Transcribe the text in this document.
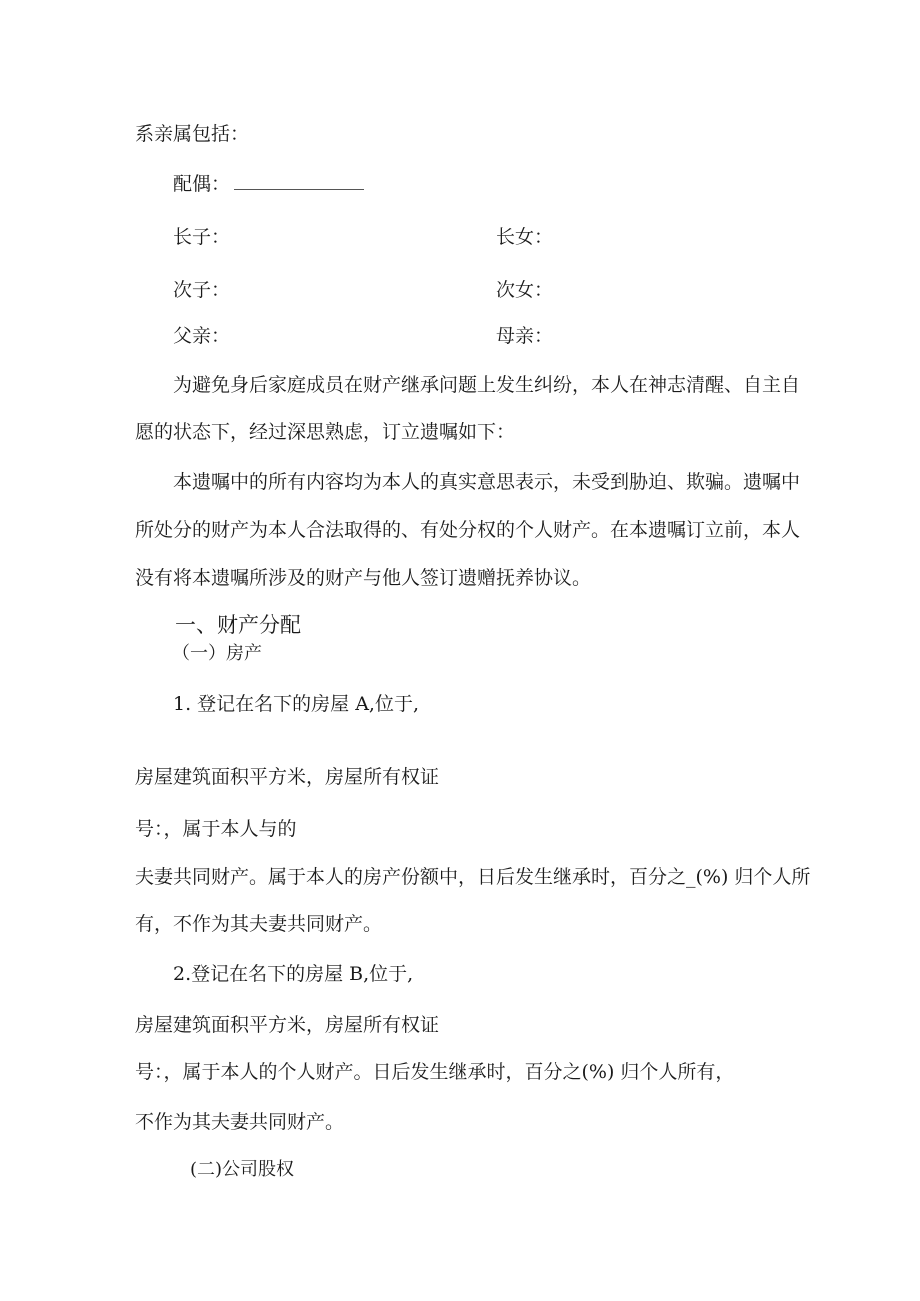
系亲属包括：
配偶：
长子：	长女：
次子：	次女：
父亲：	母亲：
为避免身后家庭成员在财产继承问题上发生纠纷，本人在神志清醒、自主自
愿的状态下，经过深思熟虑，订立遗嘱如下：
本遗嘱中的所有内容均为本人的真实意思表示，未受到胁迫、欺骗。遗嘱中
所处分的财产为本人合法取得的、有处分权的个人财产。在本遗嘱订立前，本人
没有将本遗嘱所涉及的财产与他人签订遗赠抚养协议。
一、财产分配
（一）房产
1. 登记在名下的房屋 A,位于,
房屋建筑面积平方米，房屋所有权证
号：，属于本人与的
夫妻共同财产。属于本人的房产份额中，日后发生继承时，百分之_(%) 归个人所
有，不作为其夫妻共同财产。
2.登记在名下的房屋 B,位于,
房屋建筑面积平方米，房屋所有权证
号：，属于本人的个人财产。日后发生继承时，百分之(%) 归个人所有，
不作为其夫妻共同财产。
(二)公司股权
